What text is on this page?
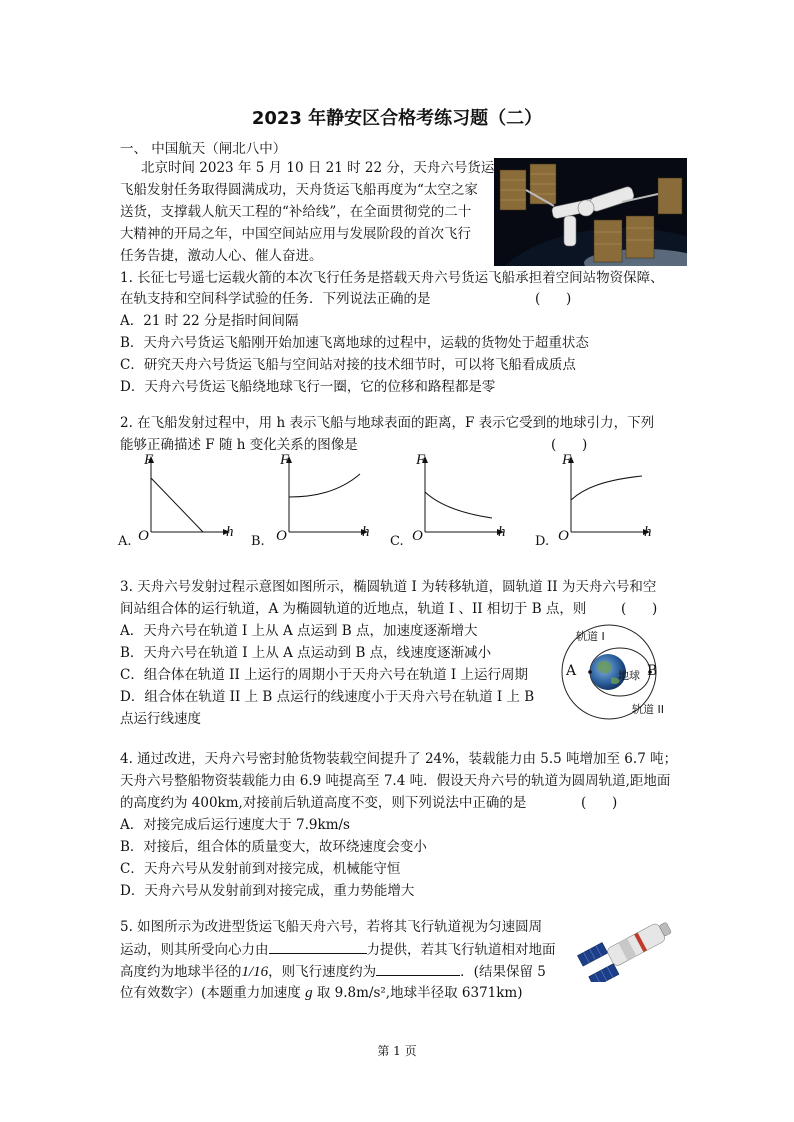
2023 年静安区合格考练习题（二）
一、 中国航天（闸北八中）
北京时间 2023 年 5 月 10 日 21 时 22 分，天舟六号货运
飞船发射任务取得圆满成功，天舟货运飞船再度为“太空之家
送货，支撑载人航天工程的“补给线”，在全面贯彻党的二十
大精神的开局之年，中国空间站应用与发展阶段的首次飞行
任务告捷，激动人心、催人奋进。
1. 长征七号遥七运载火箭的本次飞行任务是搭载天舟六号货运飞船承担着空间站物资保障、
在轨支持和空间科学试验的任务．下列说法正确的是	(      )
A．21 时 22 分是指时间间隔
B．天舟六号货运飞船刚开始加速飞离地球的过程中，运载的货物处于超重状态
C．研究天舟六号货运飞船与空间站对接的技术细节时，可以将飞船看成质点
D．天舟六号货运飞船绕地球飞行一圈，它的位移和路程都是零
2. 在飞船发射过程中，用 h 表示飞船与地球表面的距离，F 表示它受到的地球引力，下列
能够正确描述 F 随 h 变化关系的图像是	(      )
A.
F
h
O	B.
F
h
O	C.
F
h
O	D.
F
h
O
3. 天舟六号发射过程示意图如图所示，椭圆轨道 I 为转移轨道，圆轨道 II 为天舟六号和空
间站组合体的运行轨道，A 为椭圆轨道的近地点，轨道 I 、II 相切于 B 点，则	(      )
A．天舟六号在轨道 I 上从 A 点运到 B 点，加速度逐渐增大
B．天舟六号在轨道 I 上从 A 点运动到 B 点，线速度逐渐减小
C．组合体在轨道 II 上运行的周期小于天舟六号在轨道 I 上运行周期
D．组合体在轨道 II 上 B 点运行的线速度小于天舟六号在轨道 I 上 B
点运行线速度
轨道 I
轨道 II
地球
A	B
4. 通过改进，天舟六号密封舱货物装载空间提升了 24%，装载能力由 5.5 吨增加至 6.7 吨；
天舟六号整船物资装载能力由 6.9 吨提高至 7.4 吨．假设天舟六号的轨道为圆周轨道,距地面
的高度约为 400km,对接前后轨道高度不变，则下列说法中正确的是	(      )
A．对接完成后运行速度大于 7.9km/s
B．对接后，组合体的质量变大，故环绕速度会变小
C．天舟六号从发射前到对接完成，机械能守恒
D．天舟六号从发射前到对接完成，重力势能增大
5. 如图所示为改进型货运飞船天舟六号，若将其飞行轨道视为匀速圆周
运动，则其所受向心力由	力提供，若其飞行轨道相对地面
高度约为地球半径的1/16，则飞行速度约为	．(结果保留 5
位有效数字）(本题重力加速度 g 取 9.8m/s²,地球半径取 6371km)
第 1 页
